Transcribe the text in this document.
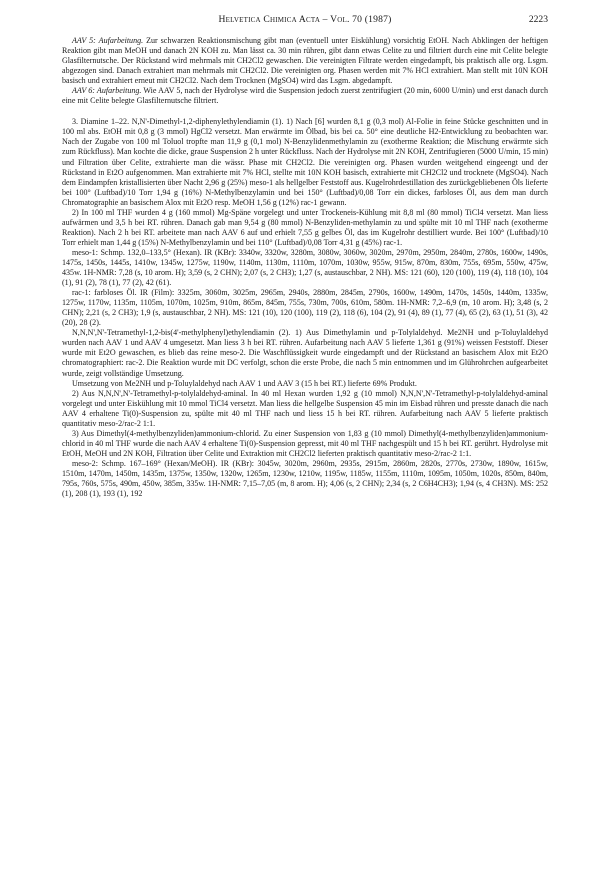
Helvetica Chimica Acta – Vol. 70 (1987)	2223

AAV 5: Aufarbeitung. Zur schwarzen Reaktionsmischung gibt man (eventuell unter Eiskühlung) vorsichtig EtOH. Nach Abklingen der heftigen Reaktion gibt man MeOH und danach 2N KOH zu. Man lässt ca. 30 min rühren, gibt dann etwas Celite zu und filtriert durch eine mit Celite belegte Glasfilternutsche. Der Rückstand wird mehrmals mit CH2Cl2 gewaschen. Die vereinigten Filtrate werden eingedampft, bis praktisch alle org. Lsgm. abgezogen sind. Danach extrahiert man mehrmals mit CH2Cl2. Die vereinigten org. Phasen werden mit 7% HCl extrahiert. Man stellt mit 10N KOH basisch und extrahiert erneut mit CH2Cl2. Nach dem Trocknen (MgSO4) wird das Lsgm. abgedampft.

AAV 6: Aufarbeitung. Wie AAV 5, nach der Hydrolyse wird die Suspension jedoch zuerst zentrifugiert (20 min, 6000 U/min) und erst danach durch eine mit Celite belegte Glasfilternutsche filtriert.

3. Diamine 1–22. N,N'-Dimethyl-1,2-diphenylethylendiamin (1). 1) Nach [6] wurden 8,1 g (0,3 mol) Al-Folie in feine Stücke geschnitten und in 100 ml abs. EtOH mit 0,8 g (3 mmol) HgCl2 versetzt. Man erwärmte im Ölbad, bis bei ca. 50° eine deutliche H2-Entwicklung zu beobachten war. Nach der Zugabe von 100 ml Toluol tropfte man 11,9 g (0,1 mol) N-Benzylidenmethylamin zu (exotherme Reaktion; die Mischung erwärmte sich zum Rückfluss). Man kochte die dicke, graue Suspension 2 h unter Rückfluss. Nach der Hydrolyse mit 2N KOH, Zentrifugieren (5000 U/min, 15 min) und Filtration über Celite, extrahierte man die wässr. Phase mit CH2Cl2. Die vereinigten org. Phasen wurden weitgehend eingeengt und der Rückstand in Et2O aufgenommen. Man extrahierte mit 7% HCl, stellte mit 10N KOH basisch, extrahierte mit CH2Cl2 und trocknete (MgSO4). Nach dem Eindampfen kristallisierten über Nacht 2,96 g (25%) meso-1 als hellgelber Feststoff aus. Kugelrohrdestillation des zurückgebliebenen Öls lieferte bei 100° (Luftbad)/10 Torr 1,94 g (16%) N-Methylbenzylamin und bei 150° (Luftbad)/0,08 Torr ein dickes, farbloses Öl, aus dem man durch Chromatographie an basischem Alox mit Et2O resp. MeOH 1,56 g (12%) rac-1 gewann.

2) In 100 ml THF wurden 4 g (160 mmol) Mg-Späne vorgelegt und unter Trockeneis-Kühlung mit 8,8 ml (80 mmol) TiCl4 versetzt. Man liess aufwärmen und 3,5 h bei RT. rühren. Danach gab man 9,54 g (80 mmol) N-Benzyliden-methylamin zu und spülte mit 10 ml THF nach (exotherme Reaktion). Nach 2 h bei RT. arbeitete man nach AAV 6 auf und erhielt 7,55 g gelbes Öl, das im Kugelrohr destilliert wurde. Bei 100° (Luftbad)/10 Torr erhielt man 1,44 g (15%) N-Methylbenzylamin und bei 110° (Luftbad)/0,08 Torr 4,31 g (45%) rac-1.

meso-1: Schmp. 132,0–133,5° (Hexan). IR (KBr): 3340w, 3320w, 3280m, 3080w, 3060w, 3020m, 2970m, 2950m, 2840m, 2780s, 1600w, 1490s, 1475s, 1450s, 1445s, 1410w, 1345w, 1275w, 1190w, 1140m, 1130m, 1110m, 1070m, 1030w, 955w, 915w, 870m, 830m, 755s, 695m, 550w, 475w, 435w. 1H-NMR: 7,28 (s, 10 arom. H); 3,59 (s, 2 CHN); 2,07 (s, 2 CH3); 1,27 (s, austauschbar, 2 NH). MS: 121 (60), 120 (100), 119 (4), 118 (10), 104 (1), 91 (2), 78 (1), 77 (2), 42 (61).

rac-1: farbloses Öl. IR (Film): 3325m, 3060m, 3025m, 2965m, 2940s, 2880m, 2845m, 2790s, 1600w, 1490m, 1470s, 1450s, 1440m, 1335w, 1275w, 1170w, 1135m, 1105m, 1070m, 1025m, 910m, 865m, 845m, 755s, 730m, 700s, 610m, 580m. 1H-NMR: 7,2–6,9 (m, 10 arom. H); 3,48 (s, 2 CHN); 2,21 (s, 2 CH3); 1,9 (s, austauschbar, 2 NH). MS: 121 (10), 120 (100), 119 (2), 118 (6), 104 (2), 91 (4), 89 (1), 77 (4), 65 (2), 63 (1), 51 (3), 42 (20), 28 (2).

N,N,N',N'-Tetramethyl-1,2-bis(4'-methylphenyl)ethylendiamin (2). 1) Aus Dimethylamin und p-Tolylaldehyd. Me2NH und p-Toluylaldehyd wurden nach AAV 1 und AAV 4 umgesetzt. Man liess 3 h bei RT. rühren. Aufarbeitung nach AAV 5 lieferte 1,361 g (91%) weissen Feststoff. Dieser wurde mit Et2O gewaschen, es blieb das reine meso-2. Die Waschflüssigkeit wurde eingedampft und der Rückstand an basischem Alox mit Et2O chromatographiert: rac-2. Die Reaktion wurde mit DC verfolgt, schon die erste Probe, die nach 5 min entnommen und im Glührohrchen aufgearbeitet wurde, zeigt vollständige Umsetzung.

Umsetzung von Me2NH und p-Toluylaldehyd nach AAV 1 und AAV 3 (15 h bei RT.) lieferte 69% Produkt.

2) Aus N,N,N',N'-Tetramethyl-p-tolylaldehyd-aminal. In 40 ml Hexan wurden 1,92 g (10 mmol) N,N,N',N'-Tetramethyl-p-tolylaldehyd-aminal vorgelegt und unter Eiskühlung mit 10 mmol TiCl4 versetzt. Man liess die hellgelbe Suspension 45 min im Eisbad rühren und presste danach die nach AAV 4 erhaltene Ti(0)-Suspension zu, spülte mit 40 ml THF nach und liess 15 h bei RT. rühren. Aufarbeitung nach AAV 5 lieferte praktisch quantitativ meso-2/rac-2 1:1.

3) Aus Dimethyl(4-methylbenzyliden)ammonium-chlorid. Zu einer Suspension von 1,83 g (10 mmol) Dimethyl(4-methylbenzyliden)ammonium-chlorid in 40 ml THF wurde die nach AAV 4 erhaltene Ti(0)-Suspension gepresst, mit 40 ml THF nachgespült und 15 h bei RT. gerührt. Hydrolyse mit EtOH, MeOH und 2N KOH, Filtration über Celite und Extraktion mit CH2Cl2 lieferten praktisch quantitativ meso-2/rac-2 1:1.

meso-2: Schmp. 167–169° (Hexan/MeOH). IR (KBr): 3045w, 3020m, 2960m, 2935s, 2915m, 2860m, 2820s, 2770s, 2730w, 1890w, 1615w, 1510m, 1470m, 1450m, 1435m, 1375w, 1350w, 1320w, 1265m, 1230w, 1210w, 1195w, 1185w, 1155m, 1110m, 1095m, 1050m, 1020s, 850m, 840m, 795s, 760s, 575s, 490m, 450w, 385m, 335w. 1H-NMR: 7,15–7,05 (m, 8 arom. H); 4,06 (s, 2 CHN); 2,34 (s, 2 C6H4CH3); 1,94 (s, 4 CH3N). MS: 252 (1), 208 (1), 193 (1), 192
